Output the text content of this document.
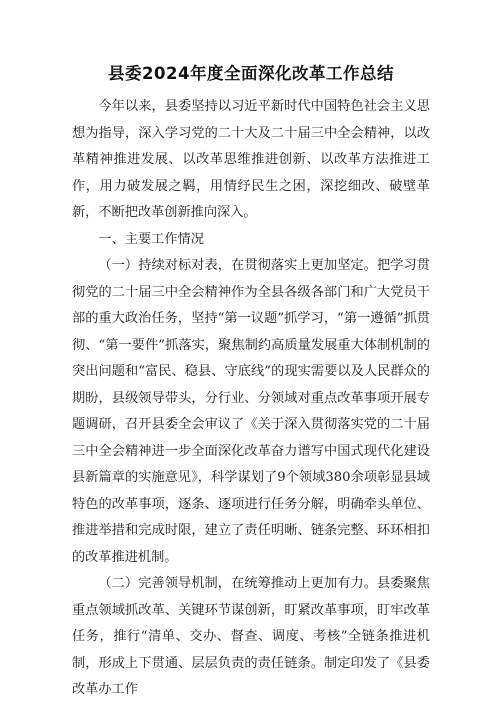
县委2024年度全面深化改革工作总结

今年以来，县委坚持以习近平新时代中国特色社会主义思想为指导，深入学习党的二十大及二十届三中全会精神，以改革精神推进发展、以改革思维推进创新、以改革方法推进工作，用力破发展之羁，用情纾民生之困，深挖细改、破壁革新，不断把改革创新推向深入。

一、主要工作情况

（一）持续对标对表，在贯彻落实上更加坚定。把学习贯彻党的二十届三中全会精神作为全县各级各部门和广大党员干部的重大政治任务，坚持“第一议题”抓学习，“第一遵循”抓贯彻、“第一要件”抓落实，聚焦制约高质量发展重大体制机制的突出问题和“富民、稳县、守底线”的现实需要以及人民群众的期盼，县级领导带头，分行业、分领域对重点改革事项开展专题调研，召开县委全会审议了《关于深入贯彻落实党的二十届三中全会精神进一步全面深化改革奋力谱写中国式现代化建设县新篇章的实施意见》，科学谋划了9个领域380余项彰显县域特色的改革事项，逐条、逐项进行任务分解，明确牵头单位、推进举措和完成时限，建立了责任明晰、链条完整、环环相扣的改革推进机制。

（二）完善领导机制，在统筹推动上更加有力。县委聚焦重点领域抓改革、关键环节谋创新，盯紧改革事项，盯牢改革任务，推行“清单、交办、督查、调度、考核”全链条推进机制，形成上下贯通、层层负责的责任链条。制定印发了《县委改革办工作
